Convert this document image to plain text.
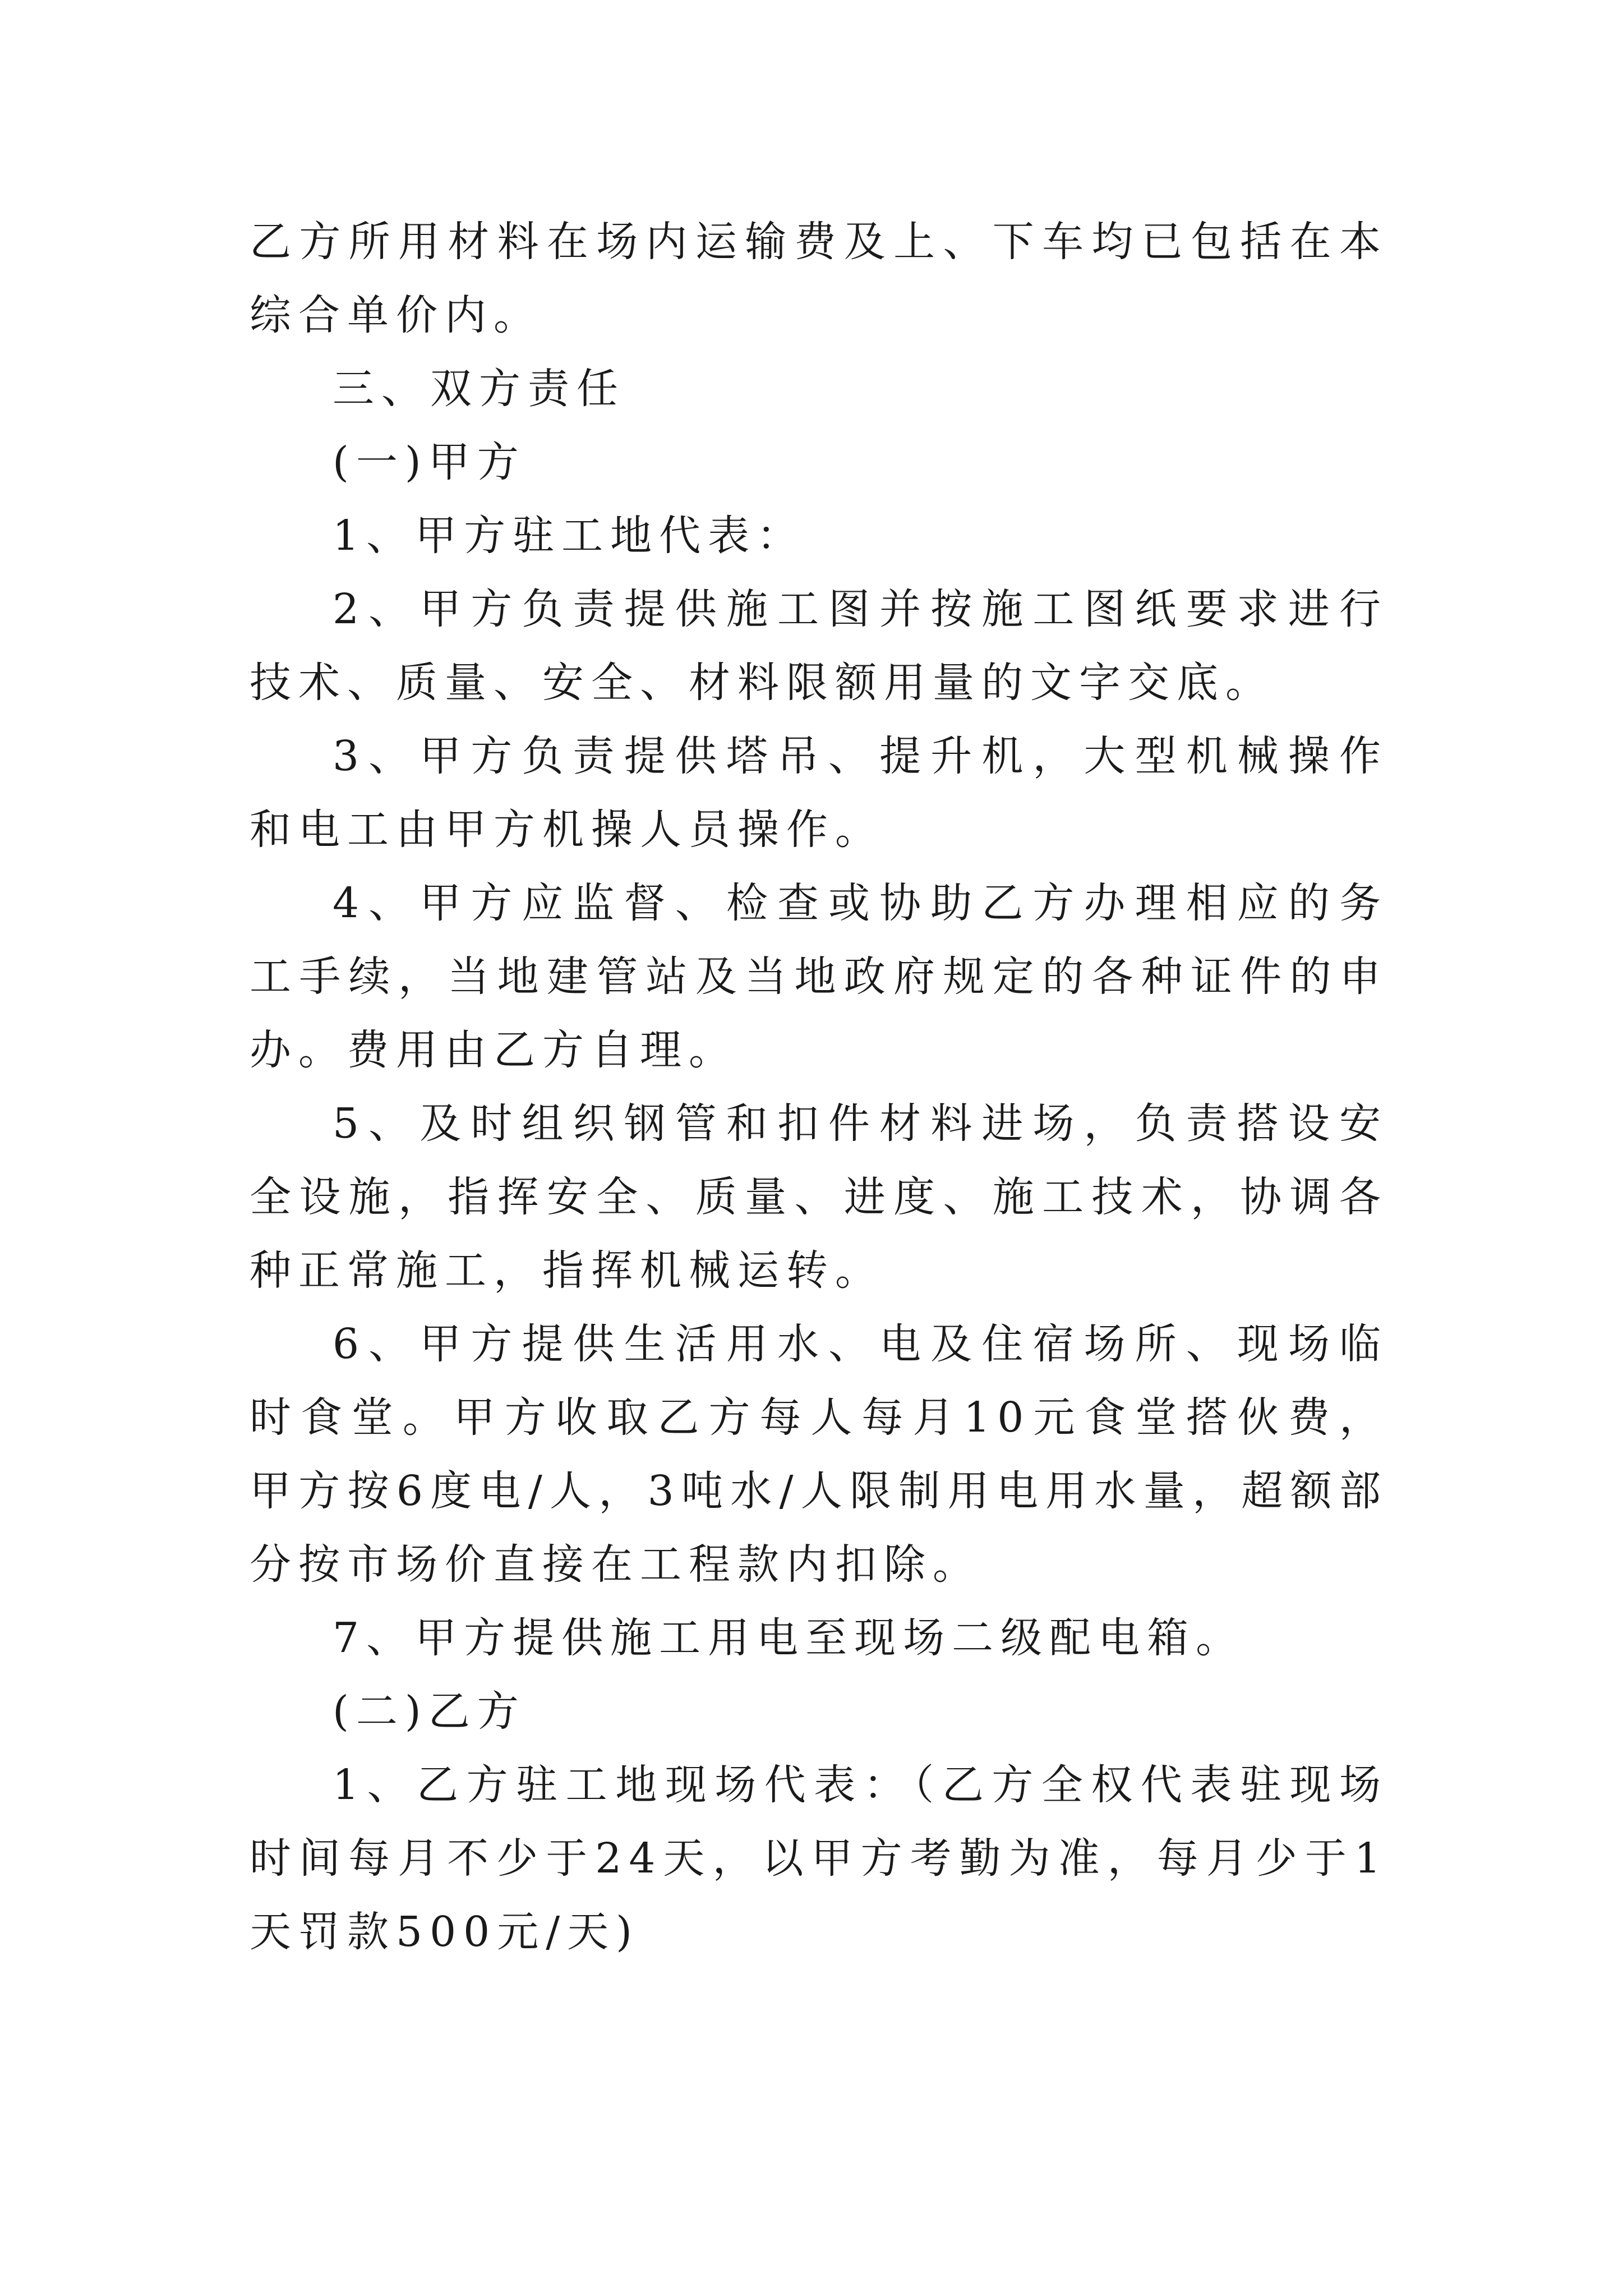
乙方所用材料在场内运输费及上、下车均已包括在本综合单价内。

三、双方责任

(一)甲方

1、甲方驻工地代表：

2、甲方负责提供施工图并按施工图纸要求进行技术、质量、安全、材料限额用量的文字交底。

3、甲方负责提供塔吊、提升机，大型机械操作和电工由甲方机操人员操作。

4、甲方应监督、检查或协助乙方办理相应的务工手续，当地建管站及当地政府规定的各种证件的申办。费用由乙方自理。

5、及时组织钢管和扣件材料进场，负责搭设安全设施，指挥安全、质量、进度、施工技术，协调各种正常施工，指挥机械运转。

6、甲方提供生活用水、电及住宿场所、现场临时食堂。甲方收取乙方每人每月10元食堂搭伙费，甲方按6度电/人，3吨水/人限制用电用水量，超额部分按市场价直接在工程款内扣除。

7、甲方提供施工用电至现场二级配电箱。

(二)乙方

1、乙方驻工地现场代表：（乙方全权代表驻现场时间每月不少于24天，以甲方考勤为准，每月少于1天罚款500元/天)
